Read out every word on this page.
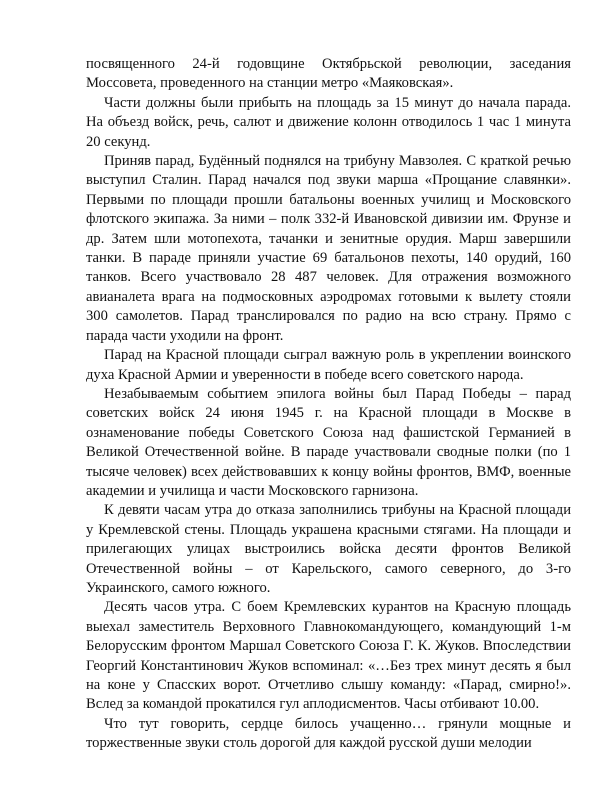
посвященного 24-й годовщине Октябрьской революции, заседания Моссовета, проведенного на станции метро «Маяковская».

Части должны были прибыть на площадь за 15 минут до начала парада. На объезд войск, речь, салют и движение колонн отводилось 1 час 1 минута 20 секунд.

Приняв парад, Будённый поднялся на трибуну Мавзолея. С краткой речью выступил Сталин. Парад начался под звуки марша «Прощание славянки». Первыми по площади прошли батальоны военных училищ и Московского флотского экипажа. За ними – полк 332-й Ивановской дивизии им. Фрунзе и др. Затем шли мотопехота, тачанки и зенитные орудия. Марш завершили танки. В параде приняли участие 69 батальонов пехоты, 140 орудий, 160 танков. Всего участвовало 28 487 человек. Для отражения возможного авианалета врага на подмосковных аэродромах готовыми к вылету стояли 300 самолетов. Парад транслировался по радио на всю страну. Прямо с парада части уходили на фронт.

Парад на Красной площади сыграл важную роль в укреплении воинского духа Красной Армии и уверенности в победе всего советского народа.

Незабываемым событием эпилога войны был Парад Победы – парад советских войск 24 июня 1945 г. на Красной площади в Москве в ознаменование победы Советского Союза над фашистской Германией в Великой Отечественной войне. В параде участвовали сводные полки (по 1 тысяче человек) всех действовавших к концу войны фронтов, ВМФ, военные академии и училища и части Московского гарнизона.

К девяти часам утра до отказа заполнились трибуны на Красной площади у Кремлевской стены. Площадь украшена красными стягами. На площади и прилегающих улицах выстроились войска десяти фронтов Великой Отечественной войны – от Карельского, самого северного, до 3-го Украинского, самого южного.

Десять часов утра. С боем Кремлевских курантов на Красную площадь выехал заместитель Верховного Главнокомандующего, командующий 1-м Белорусским фронтом Маршал Советского Союза Г. К. Жуков. Впоследствии Георгий Константинович Жуков вспоминал: «…Без трех минут десять я был на коне у Спасских ворот. Отчетливо слышу команду: «Парад, смирно!». Вслед за командой прокатился гул аплодисментов. Часы отбивают 10.00.

Что тут говорить, сердце билось учащенно… грянули мощные и торжественные звуки столь дорогой для каждой русской души мелодии
